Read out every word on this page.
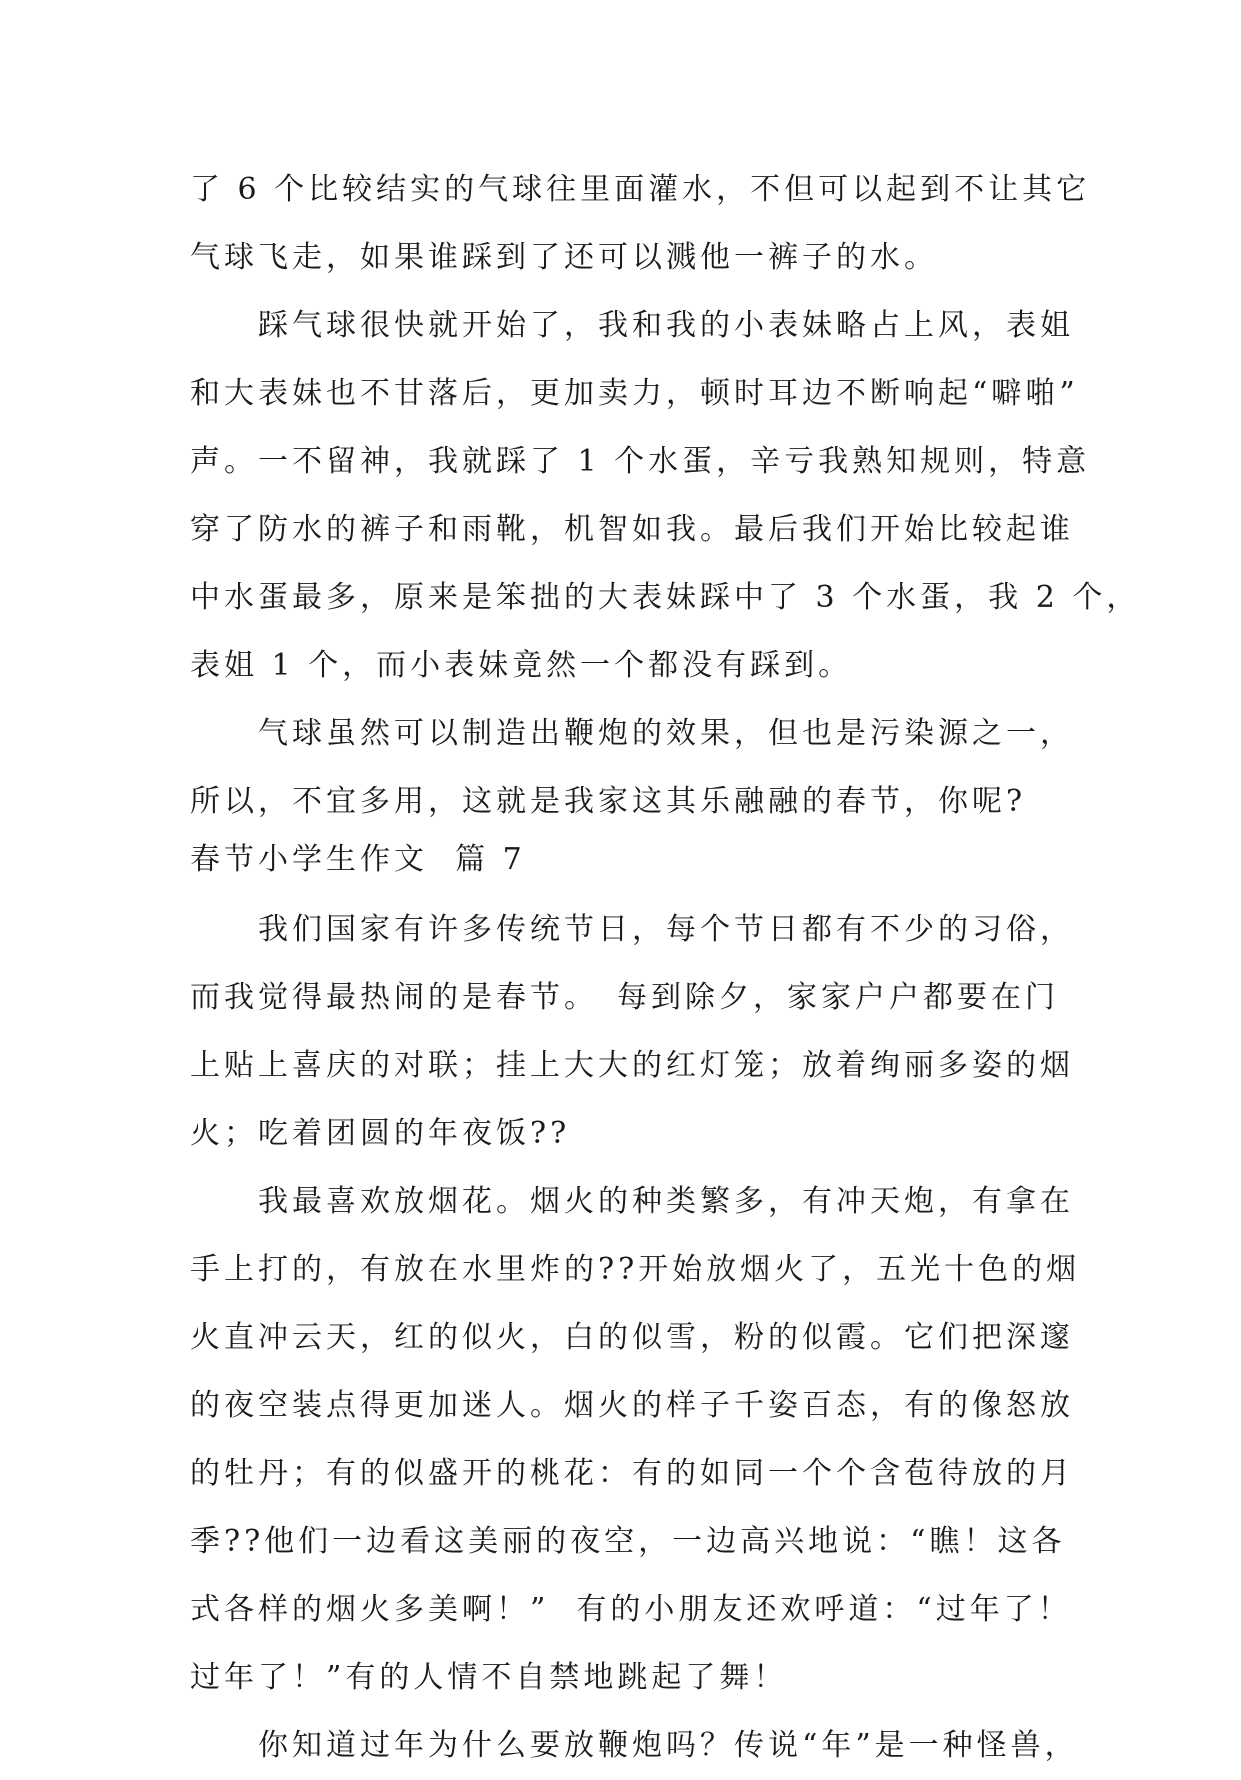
了 6 个比较结实的气球往里面灌水，不但可以起到不让其它
气球飞走，如果谁踩到了还可以溅他一裤子的水。
　　踩气球很快就开始了，我和我的小表妹略占上风，表姐
和大表妹也不甘落后，更加卖力，顿时耳边不断响起“噼啪”
声。一不留神，我就踩了 1 个水蛋，辛亏我熟知规则，特意
穿了防水的裤子和雨靴，机智如我。最后我们开始比较起谁
中水蛋最多，原来是笨拙的大表妹踩中了 3 个水蛋，我 2 个，
表姐 1 个，而小表妹竟然一个都没有踩到。
　　气球虽然可以制造出鞭炮的效果，但也是污染源之一，
所以，不宜多用，这就是我家这其乐融融的春节，你呢?
春节小学生作文  篇 7
　　我们国家有许多传统节日，每个节日都有不少的习俗，
而我觉得最热闹的是春节。　每到除夕，家家户户都要在门
上贴上喜庆的对联；挂上大大的红灯笼；放着绚丽多姿的烟
火；吃着团圆的年夜饭??
　　我最喜欢放烟花。烟火的种类繁多，有冲天炮，有拿在
手上打的，有放在水里炸的??开始放烟火了，五光十色的烟
火直冲云天，红的似火，白的似雪，粉的似霞。它们把深邃
的夜空装点得更加迷人。烟火的样子千姿百态，有的像怒放
的牡丹；有的似盛开的桃花：有的如同一个个含苞待放的月
季??他们一边看这美丽的夜空，一边高兴地说：“瞧！这各
式各样的烟火多美啊！”  有的小朋友还欢呼道：“过年了！
过年了！”有的人情不自禁地跳起了舞！
　　你知道过年为什么要放鞭炮吗？传说“年”是一种怪兽，
